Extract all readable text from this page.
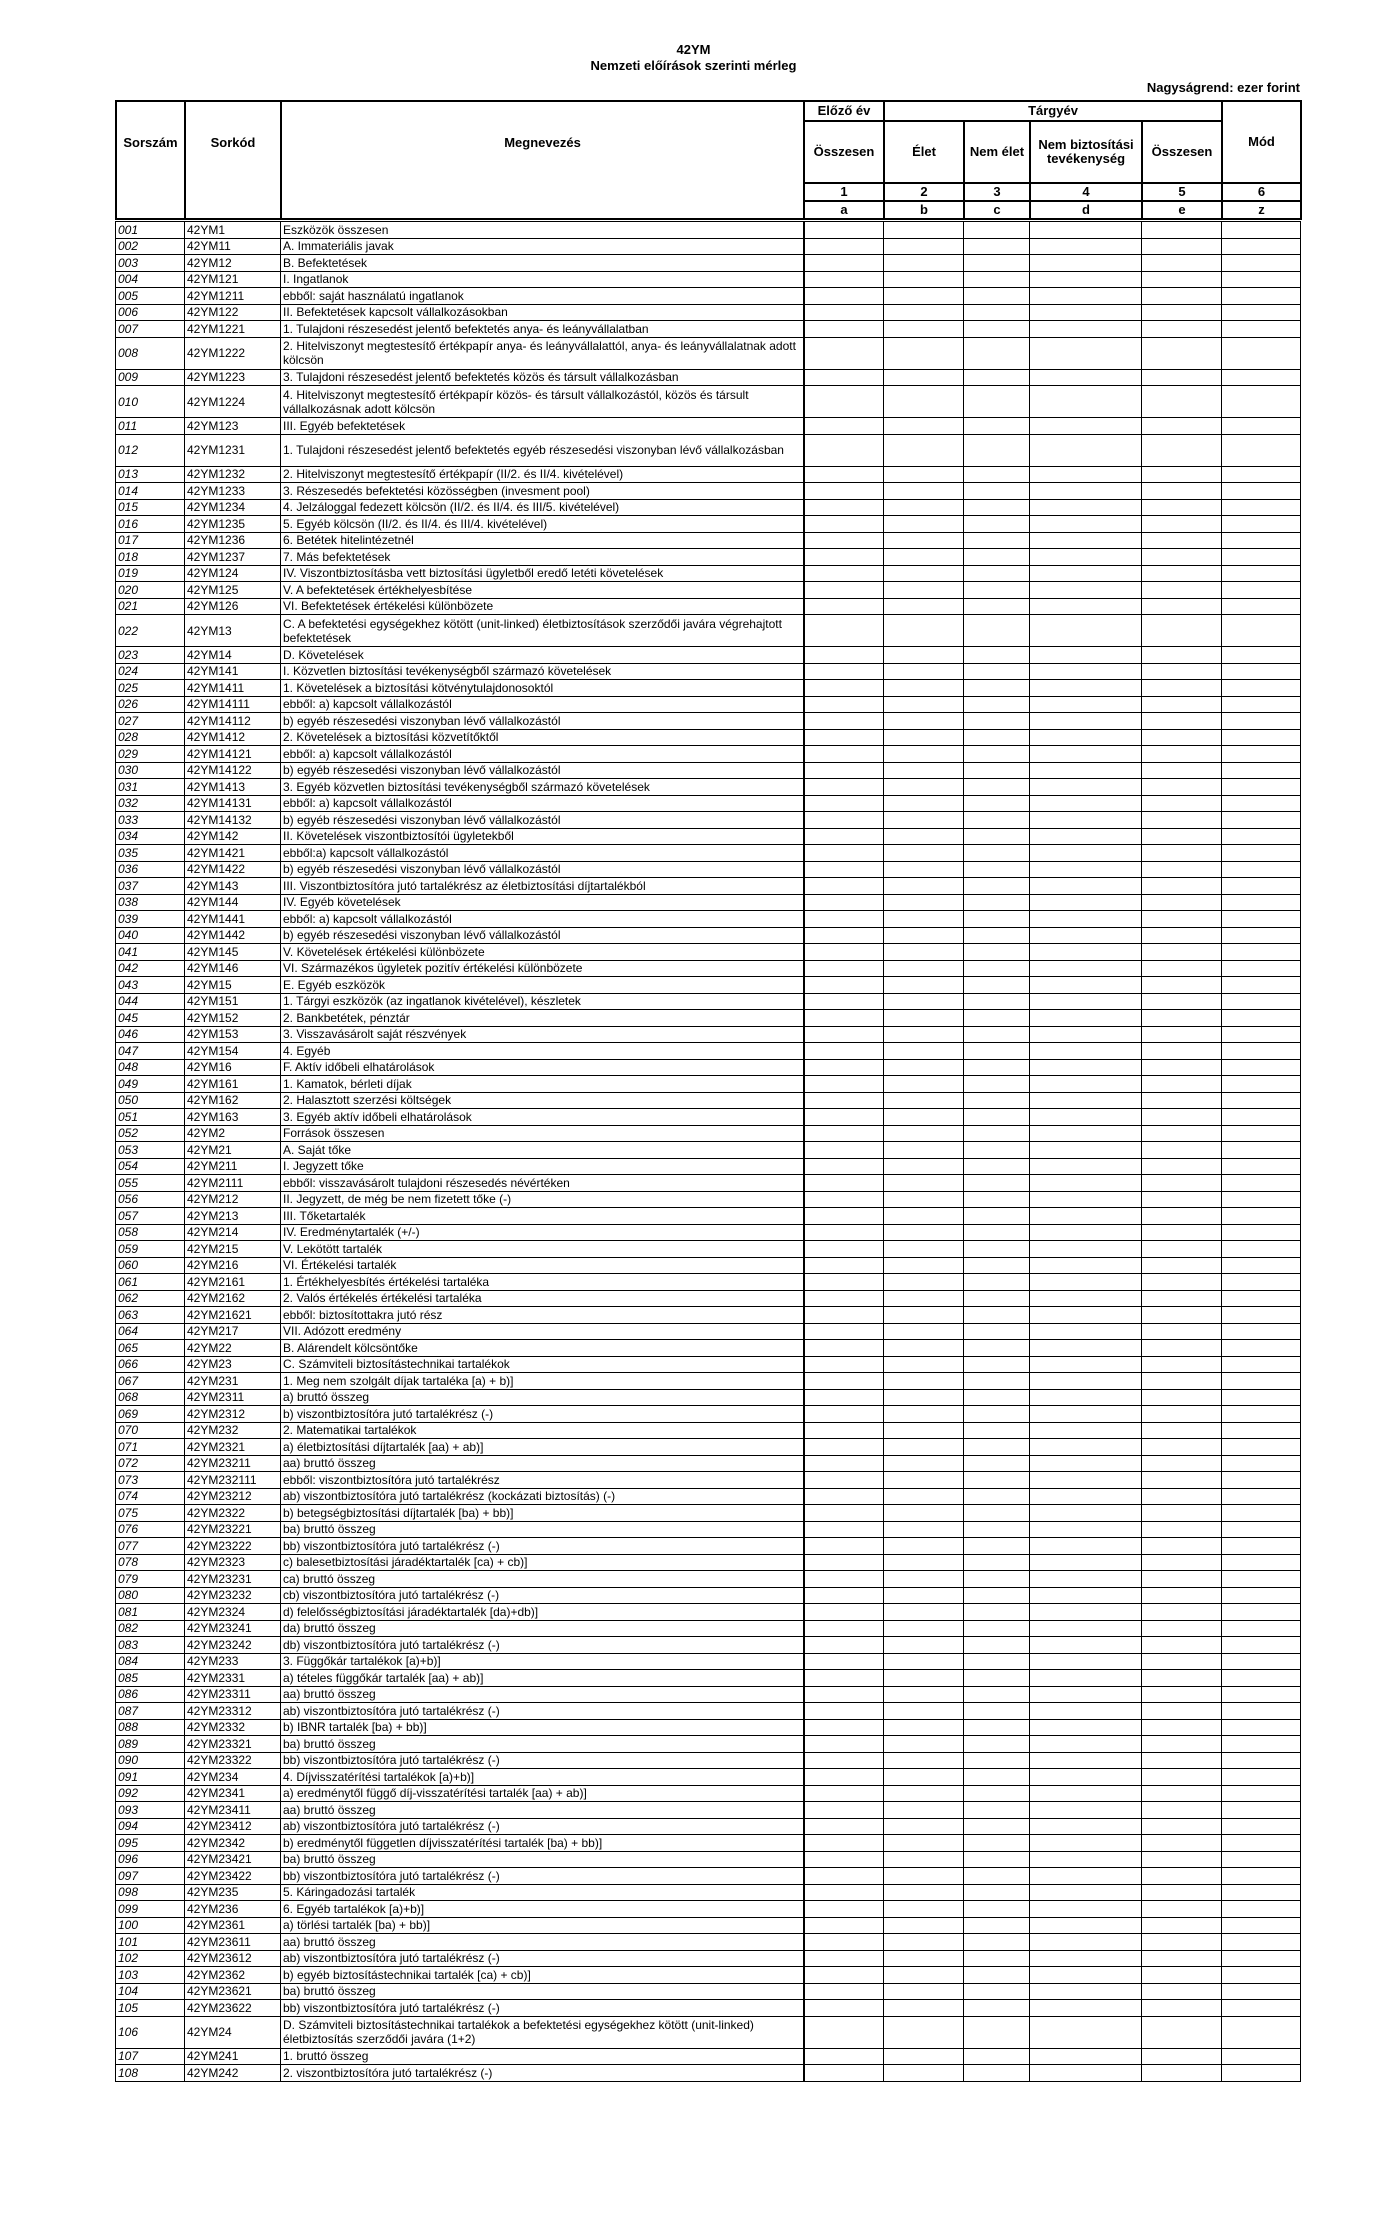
42YM
Nemzeti előírások szerinti mérleg
Nagyságrend: ezer forint
Sorszám	Sorkód	Megnevezés	Előző év	Tárgyév				Mód
			Összesen	Élet	Nem élet	Nem biztosítási tevékenység	Összesen	
			1	2	3	4	5	6
			a	b	c	d	e	z
001	42YM1	Eszközök összesen						
002	42YM11	A. Immateriális javak						
003	42YM12	B. Befektetések						
004	42YM121	I. Ingatlanok						
005	42YM1211	ebből: saját használatú ingatlanok						
006	42YM122	II. Befektetések kapcsolt vállalkozásokban						
007	42YM1221	1. Tulajdoni részesedést jelentő befektetés anya- és leányvállalatban						
008	42YM1222	2. Hitelviszonyt megtestesítő értékpapír anya- és leányvállalattól, anya- és leányvállalatnak adott kölcsön						
009	42YM1223	3. Tulajdoni részesedést jelentő befektetés közös és társult vállalkozásban						
010	42YM1224	4. Hitelviszonyt megtestesítő értékpapír közös- és társult vállalkozástól, közös és társult vállalkozásnak adott kölcsön						
011	42YM123	III. Egyéb befektetések						
012	42YM1231	1. Tulajdoni részesedést jelentő befektetés egyéb részesedési viszonyban lévő vállalkozásban						
013	42YM1232	2. Hitelviszonyt megtestesítő értékpapír (II/2. és II/4. kivételével)						
014	42YM1233	3. Részesedés befektetési közösségben (invesment pool)						
015	42YM1234	4. Jelzáloggal fedezett kölcsön (II/2. és II/4. és III/5. kivételével)						
016	42YM1235	5. Egyéb kölcsön (II/2. és II/4. és III/4. kivételével)						
017	42YM1236	6. Betétek hitelintézetnél						
018	42YM1237	7. Más befektetések						
019	42YM124	IV. Viszontbiztosításba vett biztosítási ügyletből eredő letéti követelések						
020	42YM125	V. A befektetések értékhelyesbítése						
021	42YM126	VI. Befektetések értékelési különbözete						
022	42YM13	C. A befektetési egységekhez kötött (unit-linked) életbiztosítások szerződői javára végrehajtott befektetések						
023	42YM14	D. Követelések						
024	42YM141	I. Közvetlen biztosítási tevékenységből származó követelések						
025	42YM1411	1. Követelések a biztosítási kötvénytulajdonosoktól						
026	42YM14111	ebből: a) kapcsolt vállalkozástól						
027	42YM14112	b) egyéb részesedési viszonyban lévő vállalkozástól						
028	42YM1412	2. Követelések a biztosítási közvetítőktől						
029	42YM14121	ebből: a) kapcsolt vállalkozástól						
030	42YM14122	b) egyéb részesedési viszonyban lévő vállalkozástól						
031	42YM1413	3. Egyéb közvetlen biztosítási tevékenységből származó követelések						
032	42YM14131	ebből: a) kapcsolt vállalkozástól						
033	42YM14132	b) egyéb részesedési viszonyban lévő vállalkozástól						
034	42YM142	II. Követelések viszontbiztosítói ügyletekből						
035	42YM1421	ebből:a) kapcsolt vállalkozástól						
036	42YM1422	b) egyéb részesedési viszonyban lévő vállalkozástól						
037	42YM143	III. Viszontbiztosítóra jutó tartalékrész az életbiztosítási díjtartalékból						
038	42YM144	IV. Egyéb követelések						
039	42YM1441	ebből: a) kapcsolt vállalkozástól						
040	42YM1442	b) egyéb részesedési viszonyban lévő vállalkozástól						
041	42YM145	V. Követelések értékelési különbözete						
042	42YM146	VI. Származékos ügyletek pozitív értékelési különbözete						
043	42YM15	E. Egyéb eszközök						
044	42YM151	1. Tárgyi eszközök (az ingatlanok kivételével), készletek						
045	42YM152	2. Bankbetétek, pénztár						
046	42YM153	3. Visszavásárolt saját részvények						
047	42YM154	4. Egyéb						
048	42YM16	F. Aktív időbeli elhatárolások						
049	42YM161	1. Kamatok, bérleti díjak						
050	42YM162	2. Halasztott szerzési költségek						
051	42YM163	3. Egyéb aktív időbeli elhatárolások						
052	42YM2	Források összesen						
053	42YM21	A. Saját tőke						
054	42YM211	I. Jegyzett tőke						
055	42YM2111	ebből: visszavásárolt tulajdoni részesedés névértéken						
056	42YM212	II. Jegyzett, de még be nem fizetett tőke (-)						
057	42YM213	III. Tőketartalék						
058	42YM214	IV. Eredménytartalék (+/-)						
059	42YM215	V. Lekötött tartalék						
060	42YM216	VI. Értékelési tartalék						
061	42YM2161	1. Értékhelyesbítés értékelési tartaléka						
062	42YM2162	2. Valós értékelés értékelési tartaléka						
063	42YM21621	ebből: biztosítottakra jutó rész						
064	42YM217	VII. Adózott eredmény						
065	42YM22	B. Alárendelt kölcsöntőke						
066	42YM23	C. Számviteli biztosítástechnikai tartalékok						
067	42YM231	1. Meg nem szolgált díjak tartaléka [a) + b)]						
068	42YM2311	a) bruttó összeg						
069	42YM2312	b) viszontbiztosítóra jutó tartalékrész (-)						
070	42YM232	2. Matematikai tartalékok						
071	42YM2321	a) életbiztosítási díjtartalék [aa) + ab)]						
072	42YM23211	aa) bruttó összeg						
073	42YM232111	ebből: viszontbiztosítóra jutó tartalékrész						
074	42YM23212	ab) viszontbiztosítóra jutó tartalékrész (kockázati biztosítás) (-)						
075	42YM2322	b) betegségbiztosítási díjtartalék [ba) + bb)]						
076	42YM23221	ba) bruttó összeg						
077	42YM23222	bb) viszontbiztosítóra jutó tartalékrész (-)						
078	42YM2323	c) balesetbiztosítási járadéktartalék [ca) + cb)]						
079	42YM23231	ca) bruttó összeg						
080	42YM23232	cb) viszontbiztosítóra jutó tartalékrész (-)						
081	42YM2324	d) felelősségbiztosítási járadéktartalék [da)+db)]						
082	42YM23241	da) bruttó összeg						
083	42YM23242	db) viszontbiztosítóra jutó tartalékrész (-)						
084	42YM233	3. Függőkár tartalékok [a)+b)]						
085	42YM2331	a) tételes függőkár tartalék [aa) + ab)]						
086	42YM23311	aa) bruttó összeg						
087	42YM23312	ab) viszontbiztosítóra jutó tartalékrész (-)						
088	42YM2332	b) IBNR tartalék [ba) + bb)]						
089	42YM23321	ba) bruttó összeg						
090	42YM23322	bb) viszontbiztosítóra jutó tartalékrész (-)						
091	42YM234	4. Díjvisszatérítési tartalékok [a)+b)]						
092	42YM2341	a) eredménytől függő díj-visszatérítési tartalék [aa) + ab)]						
093	42YM23411	aa) bruttó összeg						
094	42YM23412	ab) viszontbiztosítóra jutó tartalékrész (-)						
095	42YM2342	b) eredménytől független díjvisszatérítési tartalék [ba) + bb)]						
096	42YM23421	ba) bruttó összeg						
097	42YM23422	bb) viszontbiztosítóra jutó tartalékrész (-)						
098	42YM235	5. Káringadozási tartalék						
099	42YM236	6. Egyéb tartalékok [a)+b)]						
100	42YM2361	a) törlési tartalék [ba) + bb)]						
101	42YM23611	aa) bruttó összeg						
102	42YM23612	ab) viszontbiztosítóra jutó tartalékrész (-)						
103	42YM2362	b) egyéb biztosítástechnikai tartalék [ca) + cb)]						
104	42YM23621	ba) bruttó összeg						
105	42YM23622	bb) viszontbiztosítóra jutó tartalékrész (-)						
106	42YM24	D. Számviteli biztosítástechnikai tartalékok a befektetési egységekhez kötött (unit-linked) életbiztosítás szerződői javára (1+2)						
107	42YM241	1. bruttó összeg						
108	42YM242	2. viszontbiztosítóra jutó tartalékrész (-)						
